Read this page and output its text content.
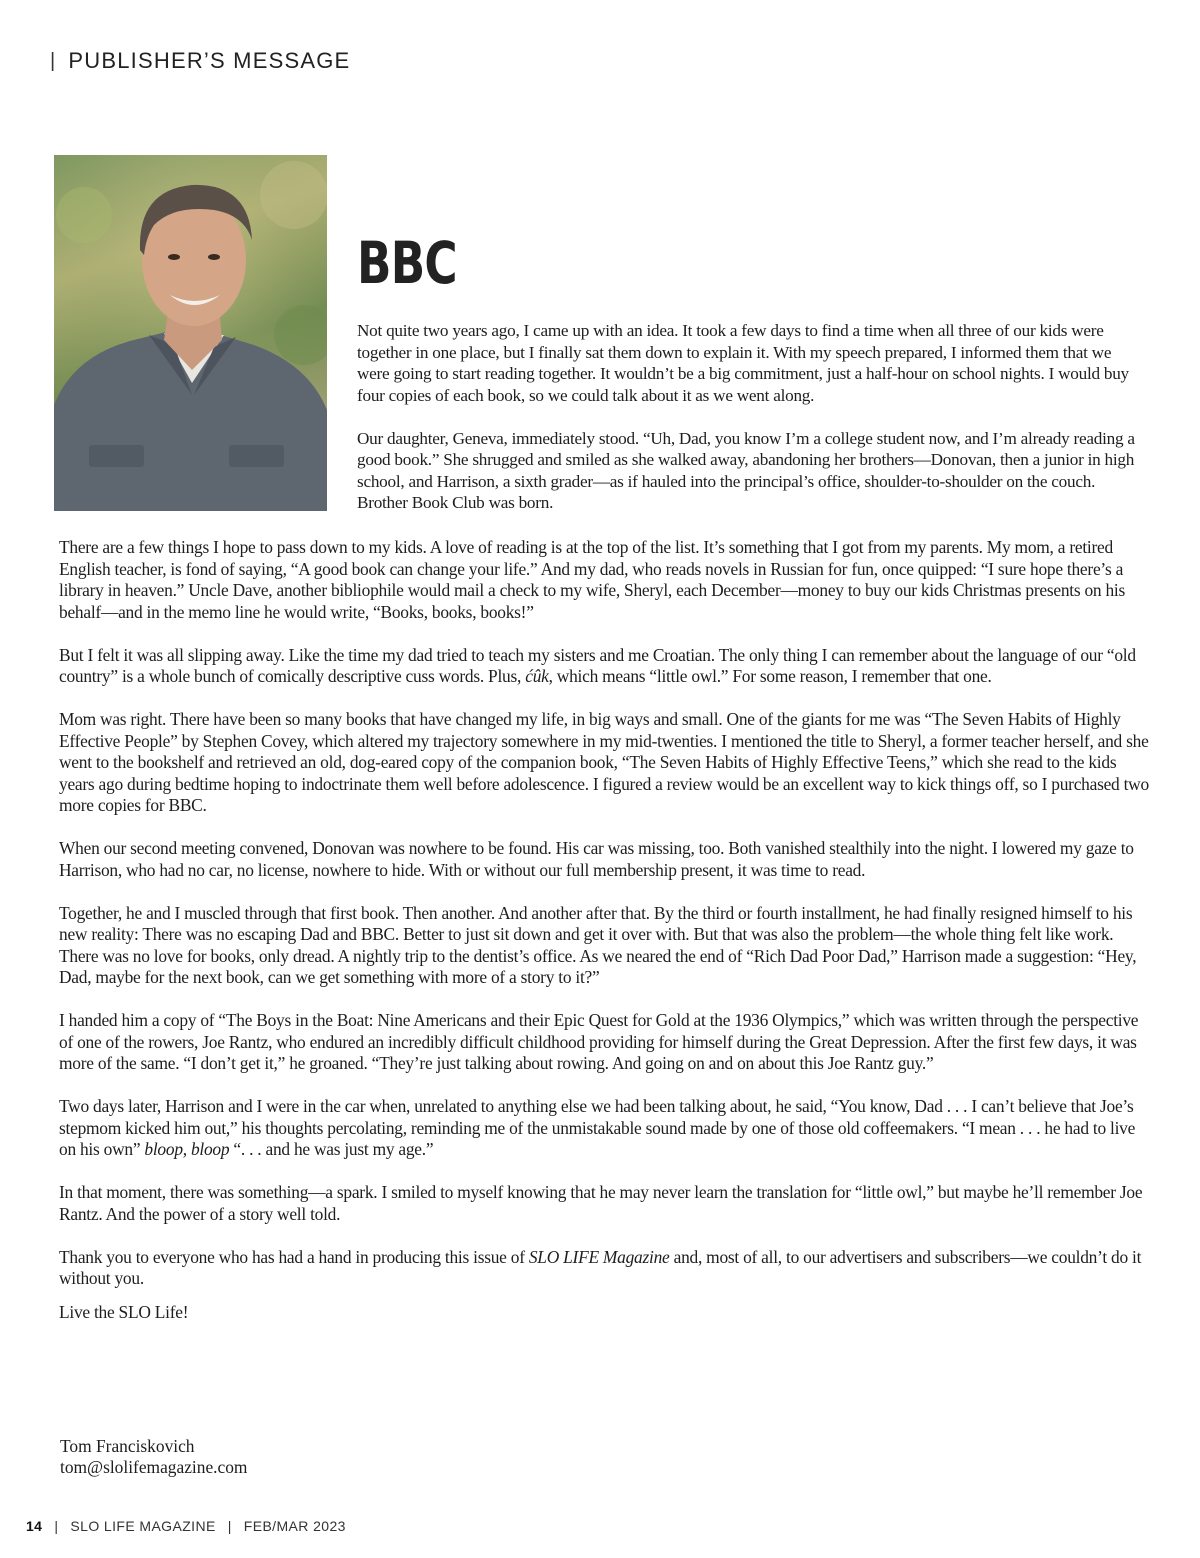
| PUBLISHER’S MESSAGE
BBC

Not quite two years ago, I came up with an idea. It took a few days to find a time when all three of our kids were together in one place, but I finally sat them down to explain it. With my speech prepared, I informed them that we were going to start reading together. It wouldn’t be a big commitment, just a half-hour on school nights. I would buy four copies of each book, so we could talk about it as we went along.

Our daughter, Geneva, immediately stood. “Uh, Dad, you know I’m a college student now, and I’m already reading a good book.” She shrugged and smiled as she walked away, abandoning her brothers—Donovan, then a junior in high school, and Harrison, a sixth grader—as if hauled into the principal’s office, shoulder-to-shoulder on the couch. Brother Book Club was born.

There are a few things I hope to pass down to my kids. A love of reading is at the top of the list. It’s something that I got from my parents. My mom, a retired English teacher, is fond of saying, “A good book can change your life.” And my dad, who reads novels in Russian for fun, once quipped: “I sure hope there’s a library in heaven.” Uncle Dave, another bibliophile would mail a check to my wife, Sheryl, each December—money to buy our kids Christmas presents on his behalf—and in the memo line he would write, “Books, books, books!”

But I felt it was all slipping away. Like the time my dad tried to teach my sisters and me Croatian. The only thing I can remember about the language of our “old country” is a whole bunch of comically descriptive cuss words. Plus, ćûk, which means “little owl.” For some reason, I remember that one.

Mom was right. There have been so many books that have changed my life, in big ways and small. One of the giants for me was “The Seven Habits of Highly Effective People” by Stephen Covey, which altered my trajectory somewhere in my mid-twenties. I mentioned the title to Sheryl, a former teacher herself, and she went to the bookshelf and retrieved an old, dog-eared copy of the companion book, “The Seven Habits of Highly Effective Teens,” which she read to the kids years ago during bedtime hoping to indoctrinate them well before adolescence. I figured a review would be an excellent way to kick things off, so I purchased two more copies for BBC.

When our second meeting convened, Donovan was nowhere to be found. His car was missing, too. Both vanished stealthily into the night. I lowered my gaze to Harrison, who had no car, no license, nowhere to hide. With or without our full membership present, it was time to read.

Together, he and I muscled through that first book. Then another. And another after that. By the third or fourth installment, he had finally resigned himself to his new reality: There was no escaping Dad and BBC. Better to just sit down and get it over with. But that was also the problem—the whole thing felt like work. There was no love for books, only dread. A nightly trip to the dentist’s office. As we neared the end of “Rich Dad Poor Dad,” Harrison made a suggestion: “Hey, Dad, maybe for the next book, can we get something with more of a story to it?”

I handed him a copy of “The Boys in the Boat: Nine Americans and their Epic Quest for Gold at the 1936 Olympics,” which was written through the perspective of one of the rowers, Joe Rantz, who endured an incredibly difficult childhood providing for himself during the Great Depression. After the first few days, it was more of the same. “I don’t get it,” he groaned. “They’re just talking about rowing. And going on and on about this Joe Rantz guy.”

Two days later, Harrison and I were in the car when, unrelated to anything else we had been talking about, he said, “You know, Dad . . . I can’t believe that Joe’s stepmom kicked him out,” his thoughts percolating, reminding me of the unmistakable sound made by one of those old coffeemakers. “I mean . . . he had to live on his own” bloop, bloop “. . . and he was just my age.”

In that moment, there was something—a spark. I smiled to myself knowing that he may never learn the translation for “little owl,” but maybe he’ll remember Joe Rantz. And the power of a story well told.

Thank you to everyone who has had a hand in producing this issue of SLO LIFE Magazine and, most of all, to our advertisers and subscribers—we couldn’t do it without you.

Live the SLO Life!

Tom Franciskovich
tom@slolifemagazine.com
14 | SLO LIFE MAGAZINE | FEB/MAR 2023
